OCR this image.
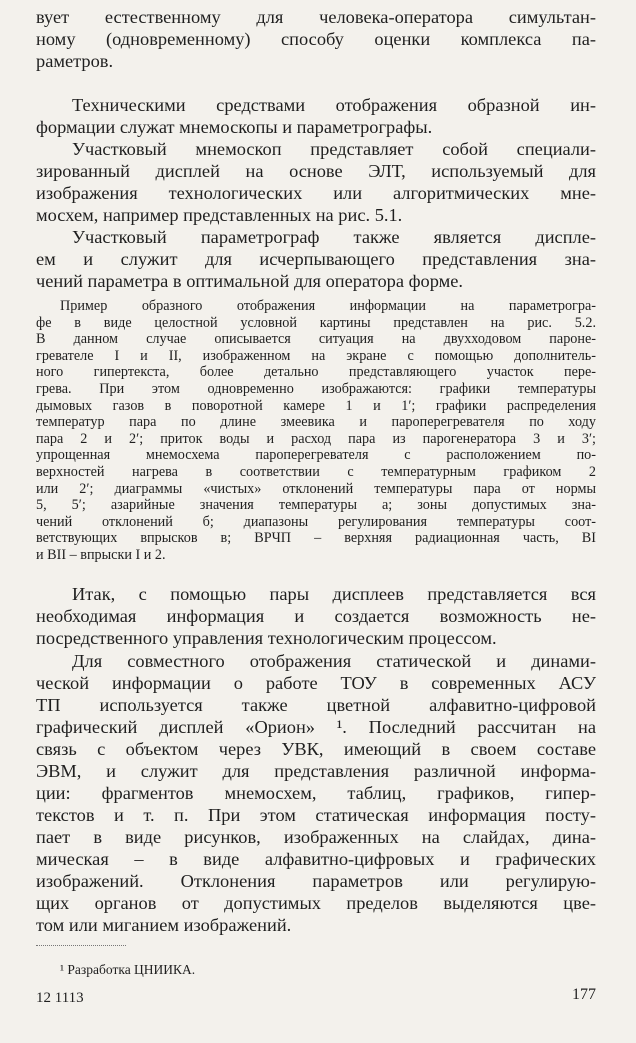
вует естественному для человека-оператора симультан-
ному (одновременному) способу оценки комплекса па-
раметров.
Техническими средствами отображения образной ин-
формации служат мнемоскопы и параметрографы.
Участковый мнемоскоп представляет собой специали-
зированный дисплей на основе ЭЛТ, используемый для
изображения технологических или алгоритмических мне-
мосхем, например представленных на рис. 5.1.
Участковый параметрограф также является диспле-
ем и служит для исчерпывающего представления зна-
чений параметра в оптимальной для оператора форме.
Пример образного отображения информации на параметрогра-
фе в виде целостной условной картины представлен на рис. 5.2.
В данном случае описывается ситуация на двухходовом пароне-
гревателе I и II, изображенном на экране с помощью дополнитель-
ного гипертекста, более детально представляющего участок пере-
грева. При этом одновременно изображаются: графики температуры
дымовых газов в поворотной камере 1 и 1′; графики распределения
температур пара по длине змеевика и пароперегревателя по ходу
пара 2 и 2′; приток воды и расход пара из парогенератора 3 и 3′;
упрощенная мнемосхема пароперегревателя с расположением по-
верхностей нагрева в соответствии с температурным графиком 2
или 2′; диаграммы «чистых» отклонений температуры пара от нормы
5, 5′; азарийные значения температуры а; зоны допустимых зна-
чений отклонений б; диапазоны регулирования температуры соот-
ветствующих впрысков в; ВРЧП – верхняя радиационная часть, ВI
и ВII – впрыски I и 2.
Итак, с помощью пары дисплеев представляется вся
необходимая информация и создается возможность не-
посредственного управления технологическим процессом.
Для совместного отображения статической и динами-
ческой информации о работе ТОУ в современных АСУ
ТП используется также цветной алфавитно-цифровой
графический дисплей «Орион» ¹. Последний рассчитан на
связь с объектом через УВК, имеющий в своем составе
ЭВМ, и служит для представления различной информа-
ции: фрагментов мнемосхем, таблиц, графиков, гипер-
текстов и т. п. При этом статическая информация посту-
пает в виде рисунков, изображенных на слайдах, дина-
мическая – в виде алфавитно-цифровых и графических
изображений. Отклонения параметров или регулирую-
щих органов от допустимых пределов выделяются цве-
том или миганием изображений.
¹ Разработка ЦНИИКА.
12 1113	177
